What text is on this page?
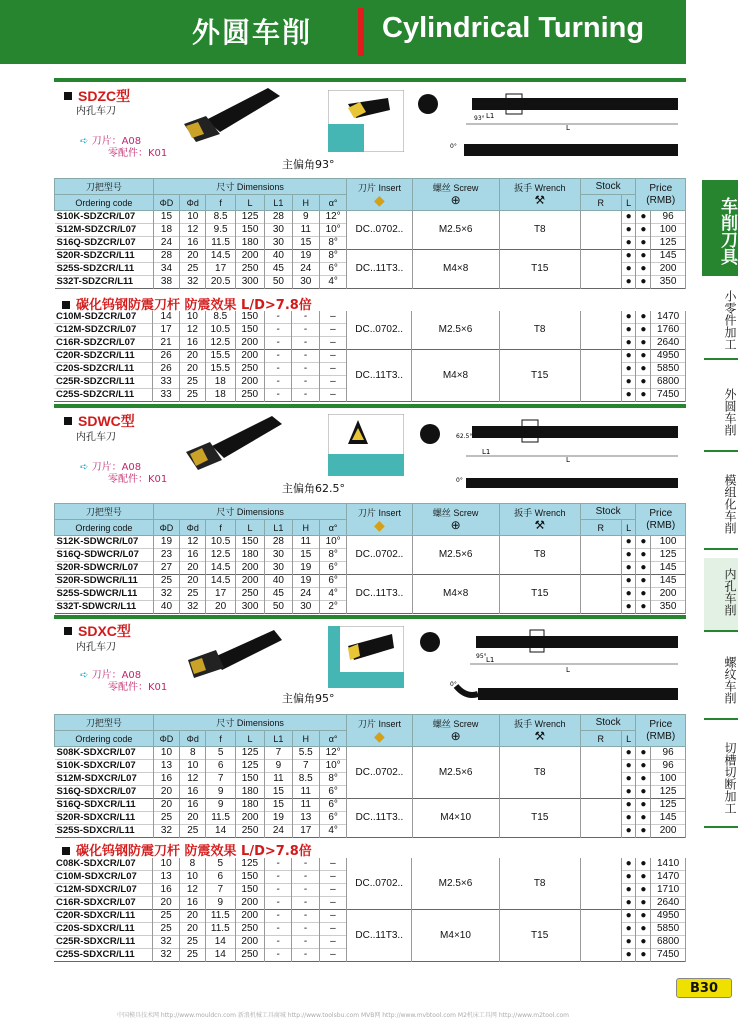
外圆车削 Cylindrical Turning
车削刀具
小零件加工
外圆车削
模组化车削
内孔车削
螺纹车削
切槽切断加工
SDZC型
内孔车刀
➪ 刀片：A08
零配件：K01
主偏角93°
L
L1
93°
0°
刀把型号	尺寸 Dimensions							刀片 Insert
◆	螺丝 Screw
⊕	扳手 Wrench
⚒	Stock		Price
(RMB)	
Ordering code	ΦD	Φd	f	L	L1	H	α°				R	L		
S10K-SDZCR/L07	15	10	8.5	125	28	9	12°	DC..0702..	M2.5×6	T8		●	●	96
S12M-SDZCR/L07	18	12	9.5	150	30	11	10°					●	●	100
S16Q-SDZCR/L07	24	16	11.5	180	30	15	8°					●	●	125
S20R-SDZCR/L11	28	20	14.5	200	40	19	8°	DC..11T3..	M4×8	T15		●	●	145
S25S-SDZCR/L11	34	25	17	250	45	24	6°					●	●	200
S32T-SDZCR/L11	38	32	20.5	300	50	30	4°					●	●	350
碳化钨钢防震刀杆 防震效果 L/D>7.8倍
C10M-SDZCR/L07	14	10	8.5	150	-	-	–	DC..0702..	M2.5×6	T8		●	●	1470
C12M-SDZCR/L07	17	12	10.5	150	-	-	–					●	●	1760
C16R-SDZCR/L07	21	16	12.5	200	-	-	–					●	●	2640
C20R-SDZCR/L11	26	20	15.5	200	-	-	–	DC..11T3..	M4×8	T15		●	●	4950
C20S-SDZCR/L11	26	20	15.5	250	-	-	–					●	●	5850
C25R-SDZCR/L11	33	25	18	200	-	-	–					●	●	6800
C25S-SDZCR/L11	33	25	18	250	-	-	–					●	●	7450
SDWC型
内孔车刀
➪ 刀片：A08
零配件：K01
主偏角62.5°
L
L1
62.5°
0°
刀把型号	尺寸 Dimensions							刀片 Insert
◆	螺丝 Screw
⊕	扳手 Wrench
⚒	Stock		Price
(RMB)	
Ordering code	ΦD	Φd	f	L	L1	H	α°				R	L		
S12K-SDWCR/L07	19	12	10.5	150	28	11	10°	DC..0702..	M2.5×6	T8		●	●	100
S16Q-SDWCR/L07	23	16	12.5	180	30	15	8°					●	●	125
S20R-SDWCR/L07	27	20	14.5	200	30	19	6°					●	●	145
S20R-SDWCR/L11	25	20	14.5	200	40	19	6°	DC..11T3..	M4×8	T15		●	●	145
S25S-SDWCR/L11	32	25	17	250	45	24	4°					●	●	200
S32T-SDWCR/L11	40	32	20	300	50	30	2°					●	●	350
SDXC型
内孔车刀
➪ 刀片：A08
零配件：K01
主偏角95°
L
L1
95°
0°
刀把型号	尺寸 Dimensions							刀片 Insert
◆	螺丝 Screw
⊕	扳手 Wrench
⚒	Stock		Price
(RMB)	
Ordering code	ΦD	Φd	f	L	L1	H	α°				R	L		
S08K-SDXCR/L07	10	8	5	125	7	5.5	12°	DC..0702..	M2.5×6	T8		●	●	96
S10K-SDXCR/L07	13	10	6	125	9	7	10°					●	●	96
S12M-SDXCR/L07	16	12	7	150	11	8.5	8°					●	●	100
S16Q-SDXCR/L07	20	16	9	180	15	11	6°					●	●	125
S16Q-SDXCR/L11	20	16	9	180	15	11	6°	DC..11T3..	M4×10	T15		●	●	125
S20R-SDXCR/L11	25	20	11.5	200	19	13	6°					●	●	145
S25S-SDXCR/L11	32	25	14	250	24	17	4°					●	●	200
碳化钨钢防震刀杆 防震效果 L/D>7.8倍
C08K-SDXCR/L07	10	8	5	125	-	-	–	DC..0702..	M2.5×6	T8		●	●	1410
C10M-SDXCR/L07	13	10	6	150	-	-	–					●	●	1470
C12M-SDXCR/L07	16	12	7	150	-	-	–					●	●	1710
C16R-SDXCR/L07	20	16	9	200	-	-	–					●	●	2640
C20R-SDXCR/L11	25	20	11.5	200	-	-	–	DC..11T3..	M4×10	T15		●	●	4950
C20S-SDXCR/L11	25	20	11.5	250	-	-	–					●	●	5850
C25R-SDXCR/L11	32	25	14	200	-	-	–					●	●	6800
C25S-SDXCR/L11	32	25	14	250	-	-	–					●	●	7450
B30
中国模具技术网 http://www.mouldcn.com 新浪机械工具商城 http://www.toolsbu.com MVB网 http://www.mvbtool.com M2机床工具网 http://www.m2tool.com
